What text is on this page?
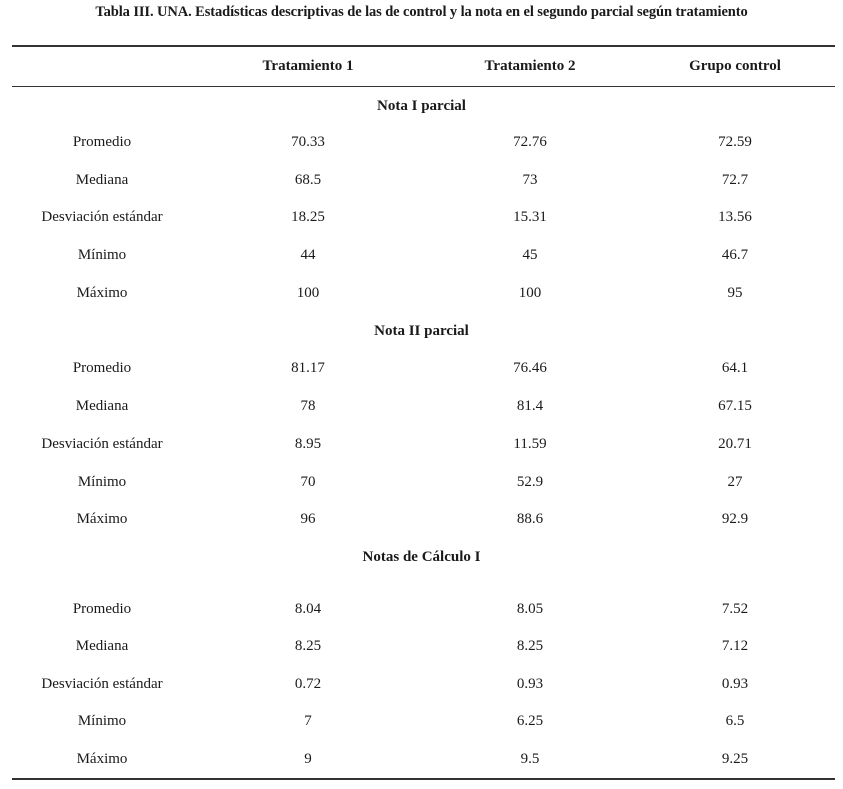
Tabla III. UNA. Estadísticas descriptivas de las de control y la nota en el segundo parcial según tratamiento
Tratamiento 1	Tratamiento 2	Grupo control
Nota I parcial
Promedio	70.33	72.76	72.59
Mediana	68.5	73	72.7
Desviación estándar	18.25	15.31	13.56
Mínimo	44	45	46.7
Máximo	100	100	95
Nota II parcial
Promedio	81.17	76.46	64.1
Mediana	78	81.4	67.15
Desviación estándar	8.95	11.59	20.71
Mínimo	70	52.9	27
Máximo	96	88.6	92.9
Notas de Cálculo I
Promedio	8.04	8.05	7.52
Mediana	8.25	8.25	7.12
Desviación estándar	0.72	0.93	0.93
Mínimo	7	6.25	6.5
Máximo	9	9.5	9.25
